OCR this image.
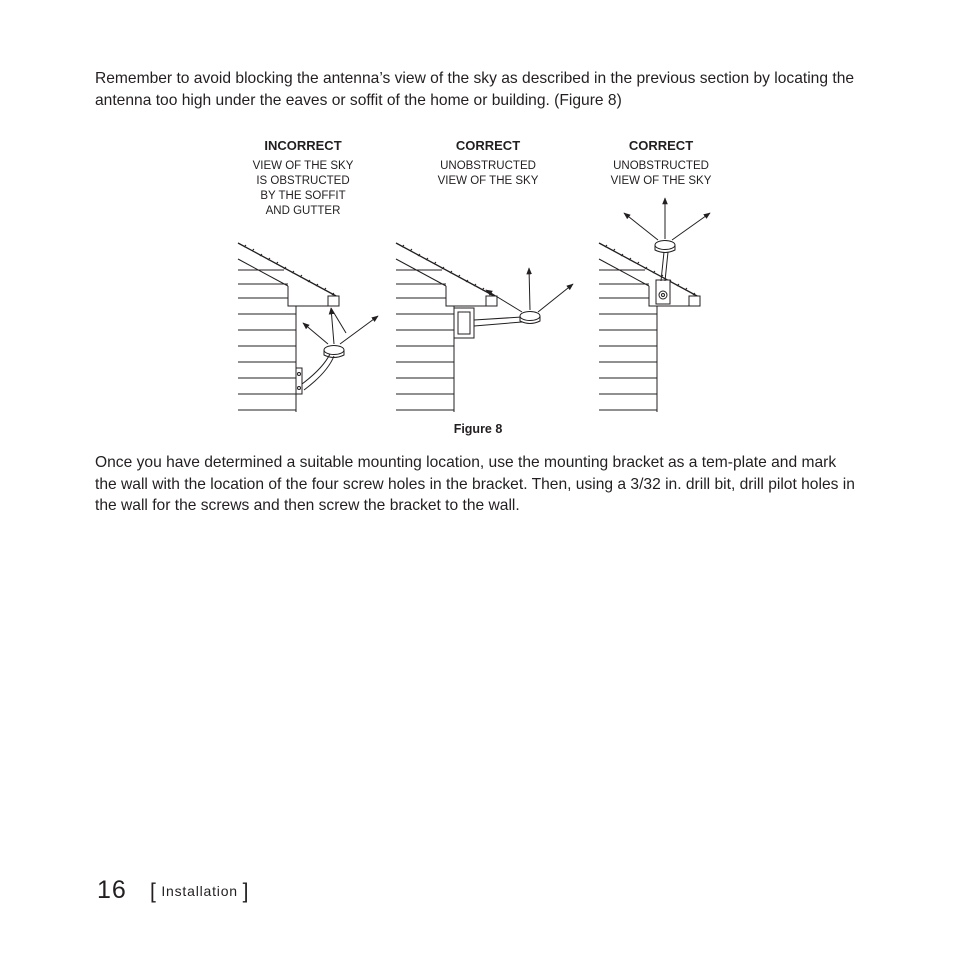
Remember to avoid blocking the antenna’s view of the sky as described in the previous section by locating the antenna too high under the eaves or soffit of the home or building. (Figure 8)

INCORRECT
VIEW OF THE SKY
IS OBSTRUCTED
BY THE SOFFIT
AND GUTTER
CORRECT
UNOBSTRUCTED
VIEW OF THE SKY
CORRECT
UNOBSTRUCTED
VIEW OF THE SKY
Figure 8

Once you have determined a suitable mounting location, use the mounting bracket as a tem-plate and mark the wall with the location of the four screw holes in the bracket. Then, using a 3/32 in. drill bit, drill pilot holes in the wall for the screws and then screw the bracket to the wall.

16 [ Installation ]
